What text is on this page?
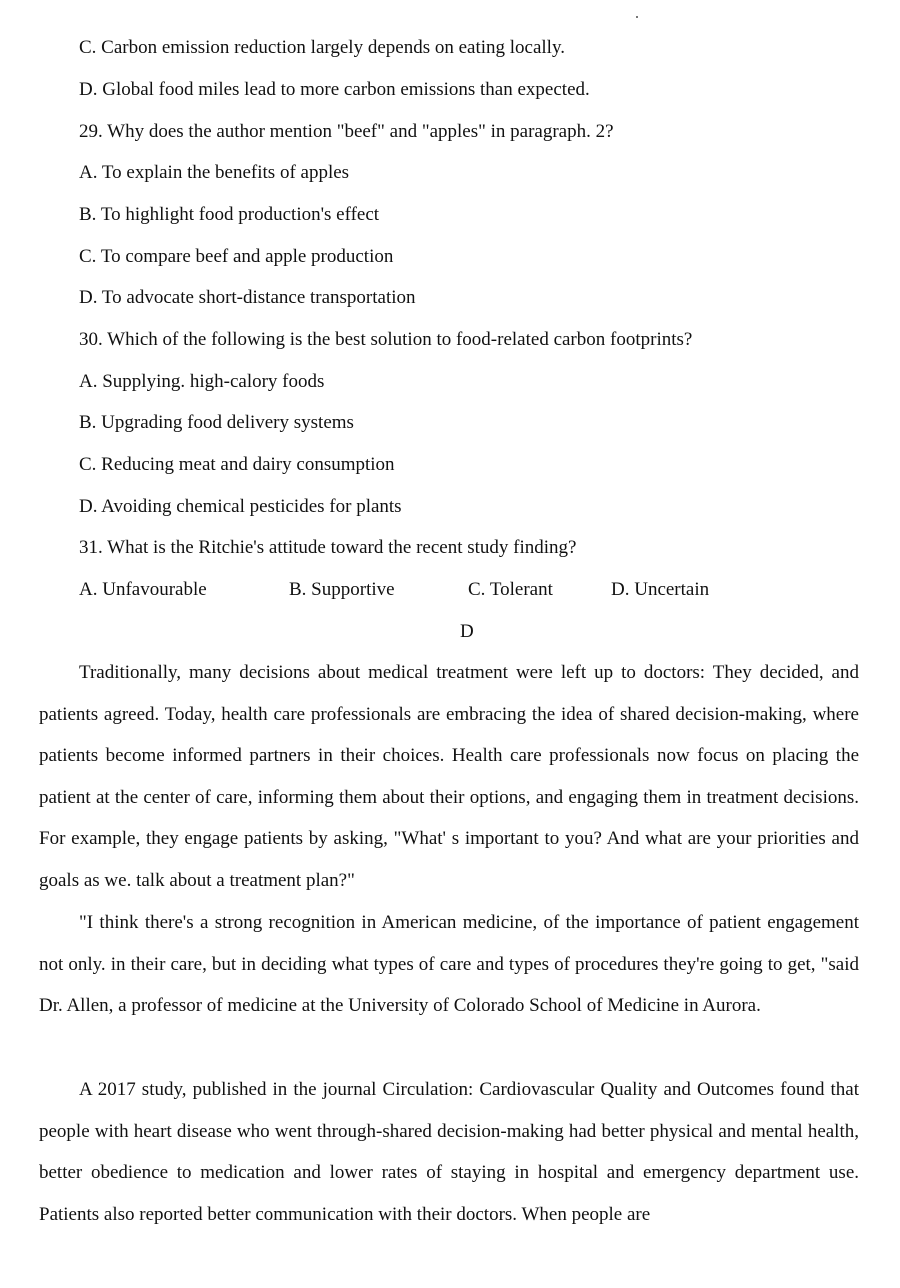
C. Carbon emission reduction largely depends on eating locally.
D. Global food miles lead to more carbon emissions than expected.
29. Why does the author mention "beef" and "apples" in paragraph. 2?
A. To explain the benefits of apples
B. To highlight food production's effect
C. To compare beef and apple production
D. To advocate short-distance transportation
30. Which of the following is the best solution to food-related carbon footprints?
A. Supplying. high-calory foods
B. Upgrading food delivery systems
C. Reducing meat and dairy consumption
D. Avoiding chemical pesticides for plants
31. What is the Ritchie's attitude toward the recent study finding?
A. Unfavourable	B. Supportive	C. Tolerant	D. Uncertain
D

Traditionally, many decisions about medical treatment were left up to doctors: They decided, and patients agreed. Today, health care professionals are embracing the idea of shared decision-making, where patients become informed partners in their choices. Health care professionals now focus on placing the patient at the center of care, informing them about their options, and engaging them in treatment decisions. For example, they engage patients by asking, "What' s important to you? And what are your priorities and goals as we. talk about a treatment plan?"

"I think there's a strong recognition in American medicine, of the importance of patient engagement not only. in their care, but in deciding what types of care and types of procedures they're going to get, "said Dr. Allen, a professor of medicine at the University of Colorado School of Medicine in Aurora.

A 2017 study, published in the journal Circulation: Cardiovascular Quality and Outcomes found that people with heart disease who went through-shared decision-making had better physical and mental health, better obedience to medication and lower rates of staying in hospital and emergency department use. Patients also reported better communication with their doctors. When people are
